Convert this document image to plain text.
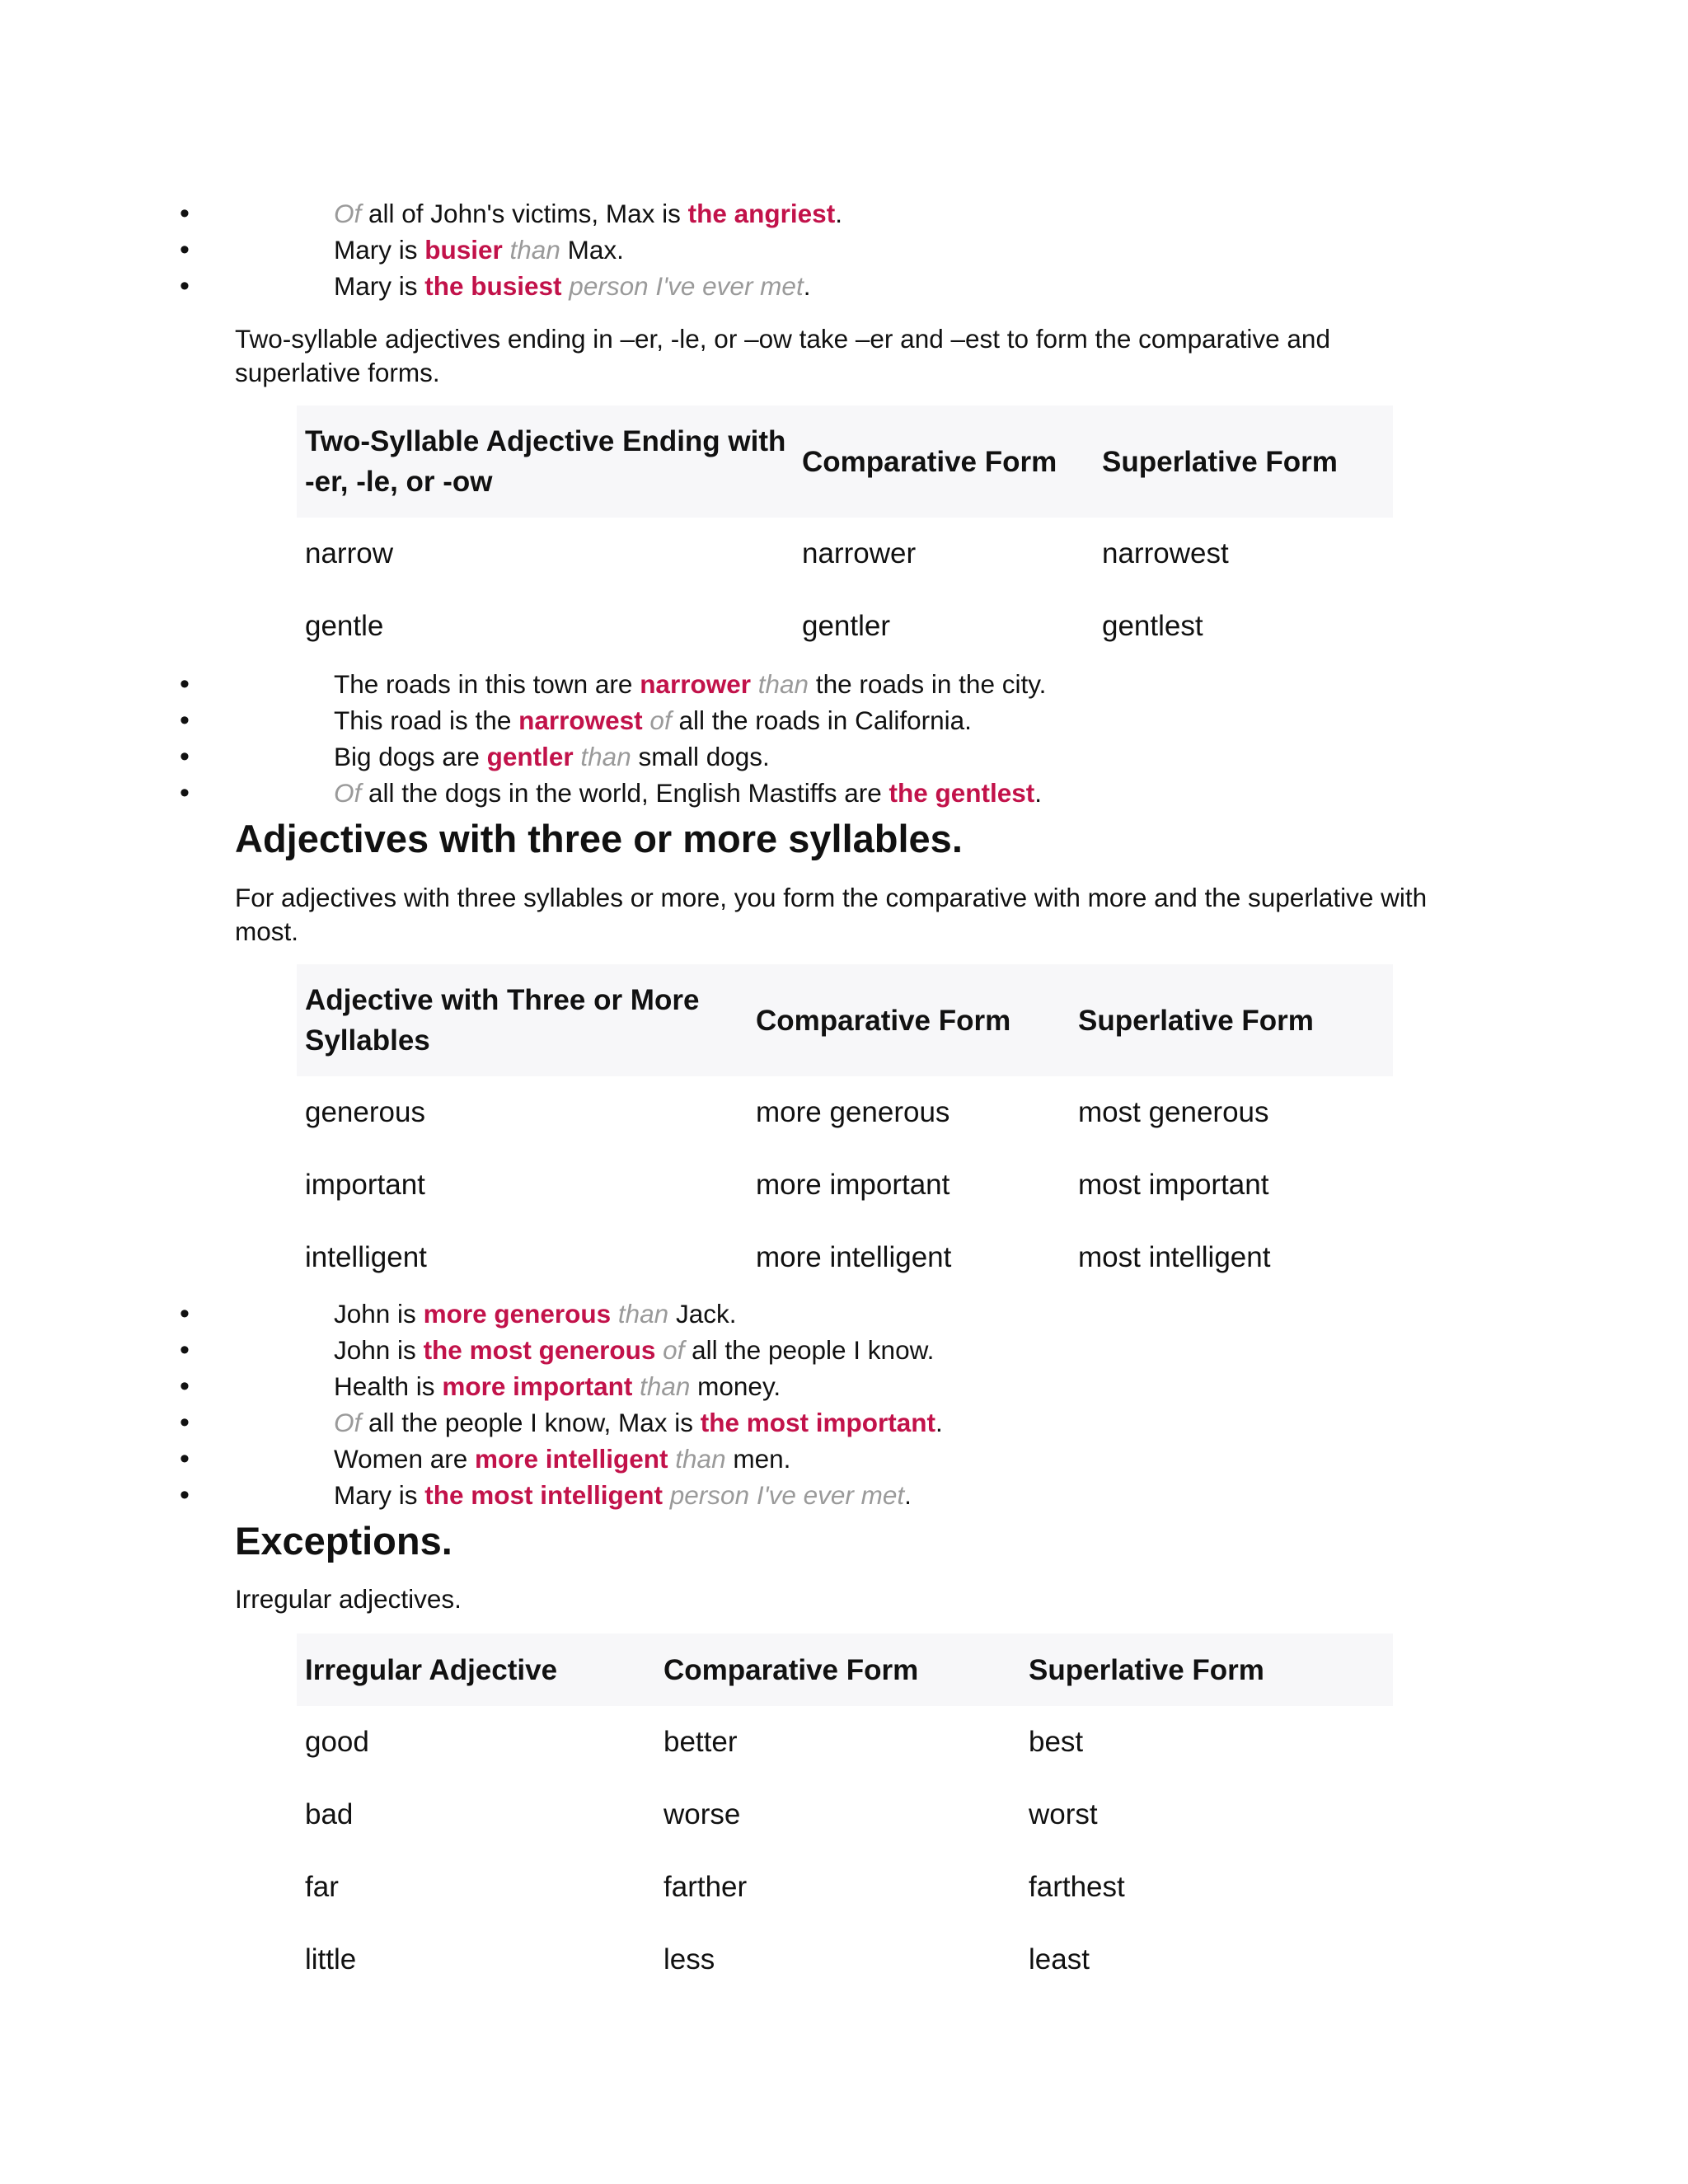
•	Of all of John's victims, Max is the angriest.
•	Mary is busier than Max.
•	Mary is the busiest person I've ever met.

Two-syllable adjectives ending in –er, -le, or –ow take –er and –est to form the comparative and superlative forms.

Two-Syllable Adjective Ending with -er, -le, or -ow
Comparative Form	Superlative Form
narrow	narrower	narrowest
gentle	gentler	gentlest
•	The roads in this town are narrower than the roads in the city.
•	This road is the narrowest of all the roads in California.
•	Big dogs are gentler than small dogs.
•	Of all the dogs in the world, English Mastiffs are the gentlest.
Adjectives with three or more syllables.

For adjectives with three syllables or more, you form the comparative with more and the superlative with most.

Adjective with Three or More Syllables
Comparative Form	Superlative Form
generous	more generous	most generous
important	more important	most important
intelligent	more intelligent	most intelligent
•	John is more generous than Jack.
•	John is the most generous of all the people I know.
•	Health is more important than money.
•	Of all the people I know, Max is the most important.
•	Women are more intelligent than men.
•	Mary is the most intelligent person I've ever met.
Exceptions.

Irregular adjectives.

Irregular Adjective	Comparative Form	Superlative Form
good	better	best
bad	worse	worst
far	farther	farthest
little	less	least
